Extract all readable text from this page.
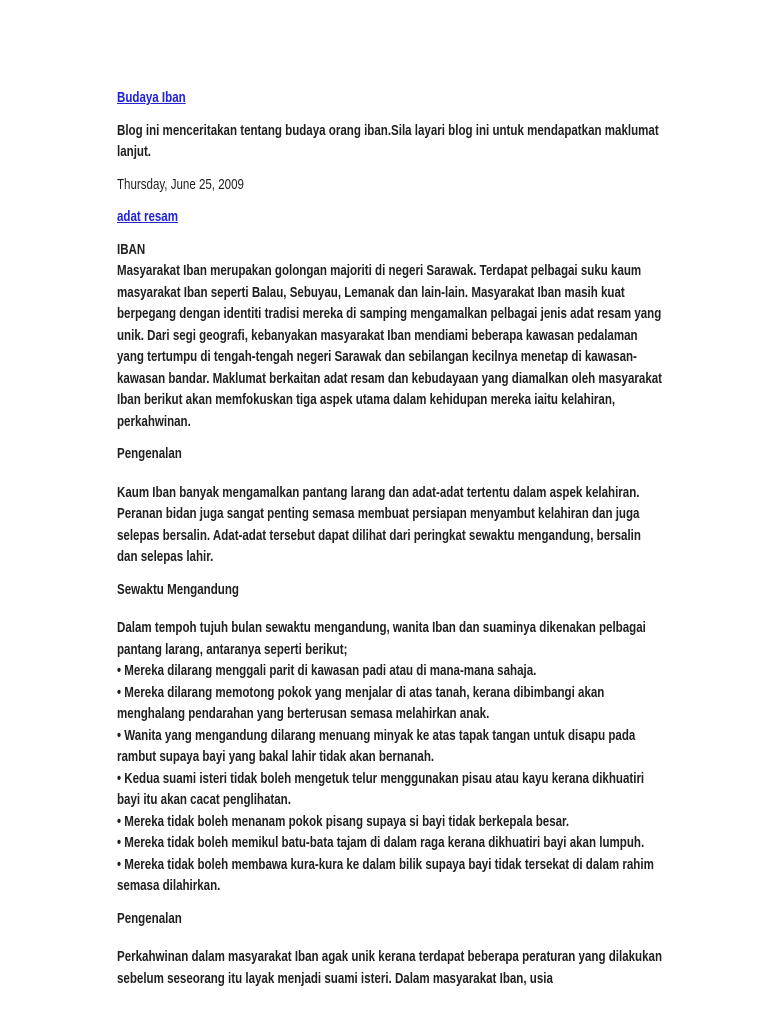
Budaya Iban

Blog ini menceritakan tentang budaya orang iban.Sila layari blog ini untuk mendapatkan maklumat lanjut.

Thursday, June 25, 2009

adat resam
IBAN
Masyarakat Iban merupakan golongan majoriti di negeri Sarawak. Terdapat pelbagai suku kaum masyarakat Iban seperti Balau, Sebuyau, Lemanak dan lain-lain. Masyarakat Iban masih kuat berpegang dengan identiti tradisi mereka di samping mengamalkan pelbagai jenis adat resam yang unik. Dari segi geografi, kebanyakan masyarakat Iban mendiami beberapa kawasan pedalaman yang tertumpu di tengah-tengah negeri Sarawak dan sebilangan kecilnya menetap di kawasan-kawasan bandar. Maklumat berkaitan adat resam dan kebudayaan yang diamalkan oleh masyarakat Iban berikut akan memfokuskan tiga aspek utama dalam kehidupan mereka iaitu kelahiran, perkahwinan.

Pengenalan

Kaum Iban banyak mengamalkan pantang larang dan adat-adat tertentu dalam aspek kelahiran. Peranan bidan juga sangat penting semasa membuat persiapan menyambut kelahiran dan juga selepas bersalin. Adat-adat tersebut dapat dilihat dari peringkat sewaktu mengandung, bersalin dan selepas lahir.

Sewaktu Mengandung

Dalam tempoh tujuh bulan sewaktu mengandung, wanita Iban dan suaminya dikenakan pelbagai pantang larang, antaranya seperti berikut;
• Mereka dilarang menggali parit di kawasan padi atau di mana-mana sahaja.
• Mereka dilarang memotong pokok yang menjalar di atas tanah, kerana dibimbangi akan menghalang pendarahan yang berterusan semasa melahirkan anak.
• Wanita yang mengandung dilarang menuang minyak ke atas tapak tangan untuk disapu pada rambut supaya bayi yang bakal lahir tidak akan bernanah.
• Kedua suami isteri tidak boleh mengetuk telur menggunakan pisau atau kayu kerana dikhuatiri bayi itu akan cacat penglihatan.
• Mereka tidak boleh menanam pokok pisang supaya si bayi tidak berkepala besar.
• Mereka tidak boleh memikul batu-bata tajam di dalam raga kerana dikhuatiri bayi akan lumpuh.
• Mereka tidak boleh membawa kura-kura ke dalam bilik supaya bayi tidak tersekat di dalam rahim semasa dilahirkan.

Pengenalan

Perkahwinan dalam masyarakat Iban agak unik kerana terdapat beberapa peraturan yang dilakukan sebelum seseorang itu layak menjadi suami isteri. Dalam masyarakat Iban, usia
